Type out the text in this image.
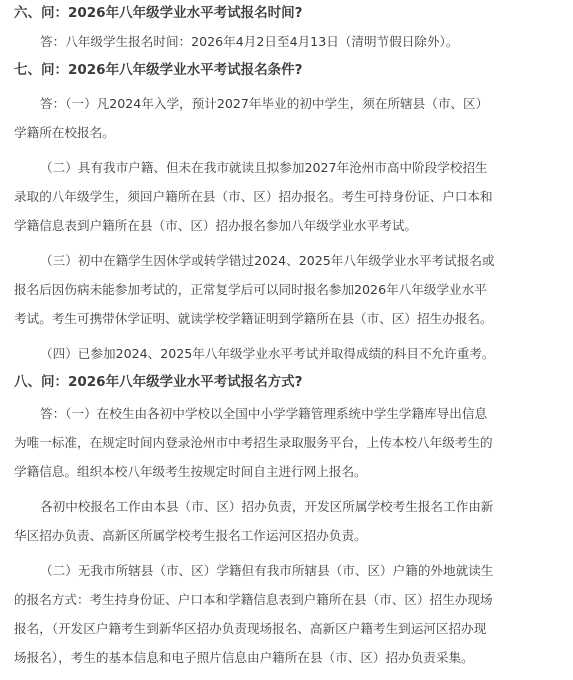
六、问：2026年八年级学业水平考试报名时间?

答：八年级学生报名时间：2026年4月2日至4月13日（清明节假日除外）。

七、问：2026年八年级学业水平考试报名条件?

答：（一）凡2024年入学，预计2027年毕业的初中学生，须在所辖县（市、区）
学籍所在校报名。

（二）具有我市户籍、但未在我市就读且拟参加2027年沧州市高中阶段学校招生
录取的八年级学生，须回户籍所在县（市、区）招办报名。考生可持身份证、户口本和
学籍信息表到户籍所在县（市、区）招办报名参加八年级学业水平考试。

（三）初中在籍学生因休学或转学错过2024、2025年八年级学业水平考试报名或
报名后因伤病未能参加考试的，正常复学后可以同时报名参加2026年八年级学业水平
考试。考生可携带休学证明、就读学校学籍证明到学籍所在县（市、区）招生办报名。

（四）已参加2024、2025年八年级学业水平考试并取得成绩的科目不允许重考。

八、问：2026年八年级学业水平考试报名方式?

答：（一）在校生由各初中学校以全国中小学学籍管理系统中学生学籍库导出信息
为唯一标准，在规定时间内登录沧州市中考招生录取服务平台，上传本校八年级考生的
学籍信息。组织本校八年级考生按规定时间自主进行网上报名。

各初中校报名工作由本县（市、区）招办负责，开发区所属学校考生报名工作由新
华区招办负责、高新区所属学校考生报名工作运河区招办负责。

（二）无我市所辖县（市、区）学籍但有我市所辖县（市、区）户籍的外地就读生
的报名方式：考生持身份证、户口本和学籍信息表到户籍所在县（市、区）招生办现场
报名，（开发区户籍考生到新华区招办负责现场报名、高新区户籍考生到运河区招办现
场报名），考生的基本信息和电子照片信息由户籍所在县（市、区）招办负责采集。
